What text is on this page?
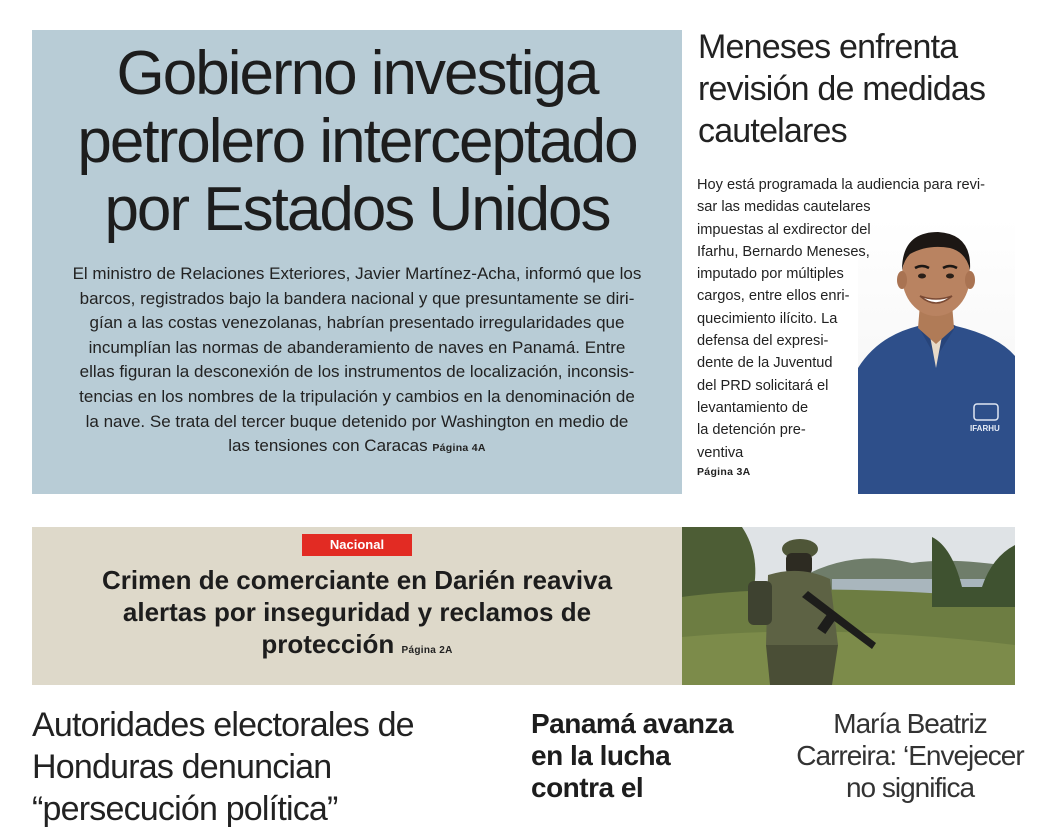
Gobierno investiga
petrolero interceptado
por Estados Unidos

El ministro de Relaciones Exteriores, Javier Martínez-Acha, informó que los
barcos, registrados bajo la bandera nacional y que presuntamente se diri-
gían a las costas venezolanas, habrían presentado irregularidades que
incumplían las normas de abanderamiento de naves en Panamá. Entre
ellas figuran la desconexión de los instrumentos de localización, inconsis-
tencias en los nombres de la tripulación y cambios en la denominación de
la nave. Se trata del tercer buque detenido por Washington en medio de
las tensiones con Caracas Página 4A

Meneses enfrenta
revisión de medidas
cautelares
IFARHU

Hoy está programada la audiencia para revi-
sar las medidas cautelares
impuestas al exdirector del
Ifarhu, Bernardo Meneses,
imputado por múltiples
cargos, entre ellos enri-
quecimiento ilícito. La
defensa del expresi-
dente de la Juventud
del PRD solicitará el
levantamiento de
la detención pre-
ventiva

Página 3A
Nacional
Crimen de comerciante en Darién reaviva
alertas por inseguridad y reclamos de
protección Página 2A
Autoridades electorales de
Honduras denuncian
“persecución política”
Panamá avanza
en la lucha
contra el
María Beatriz
Carreira: ‘Envejecer
no significa
